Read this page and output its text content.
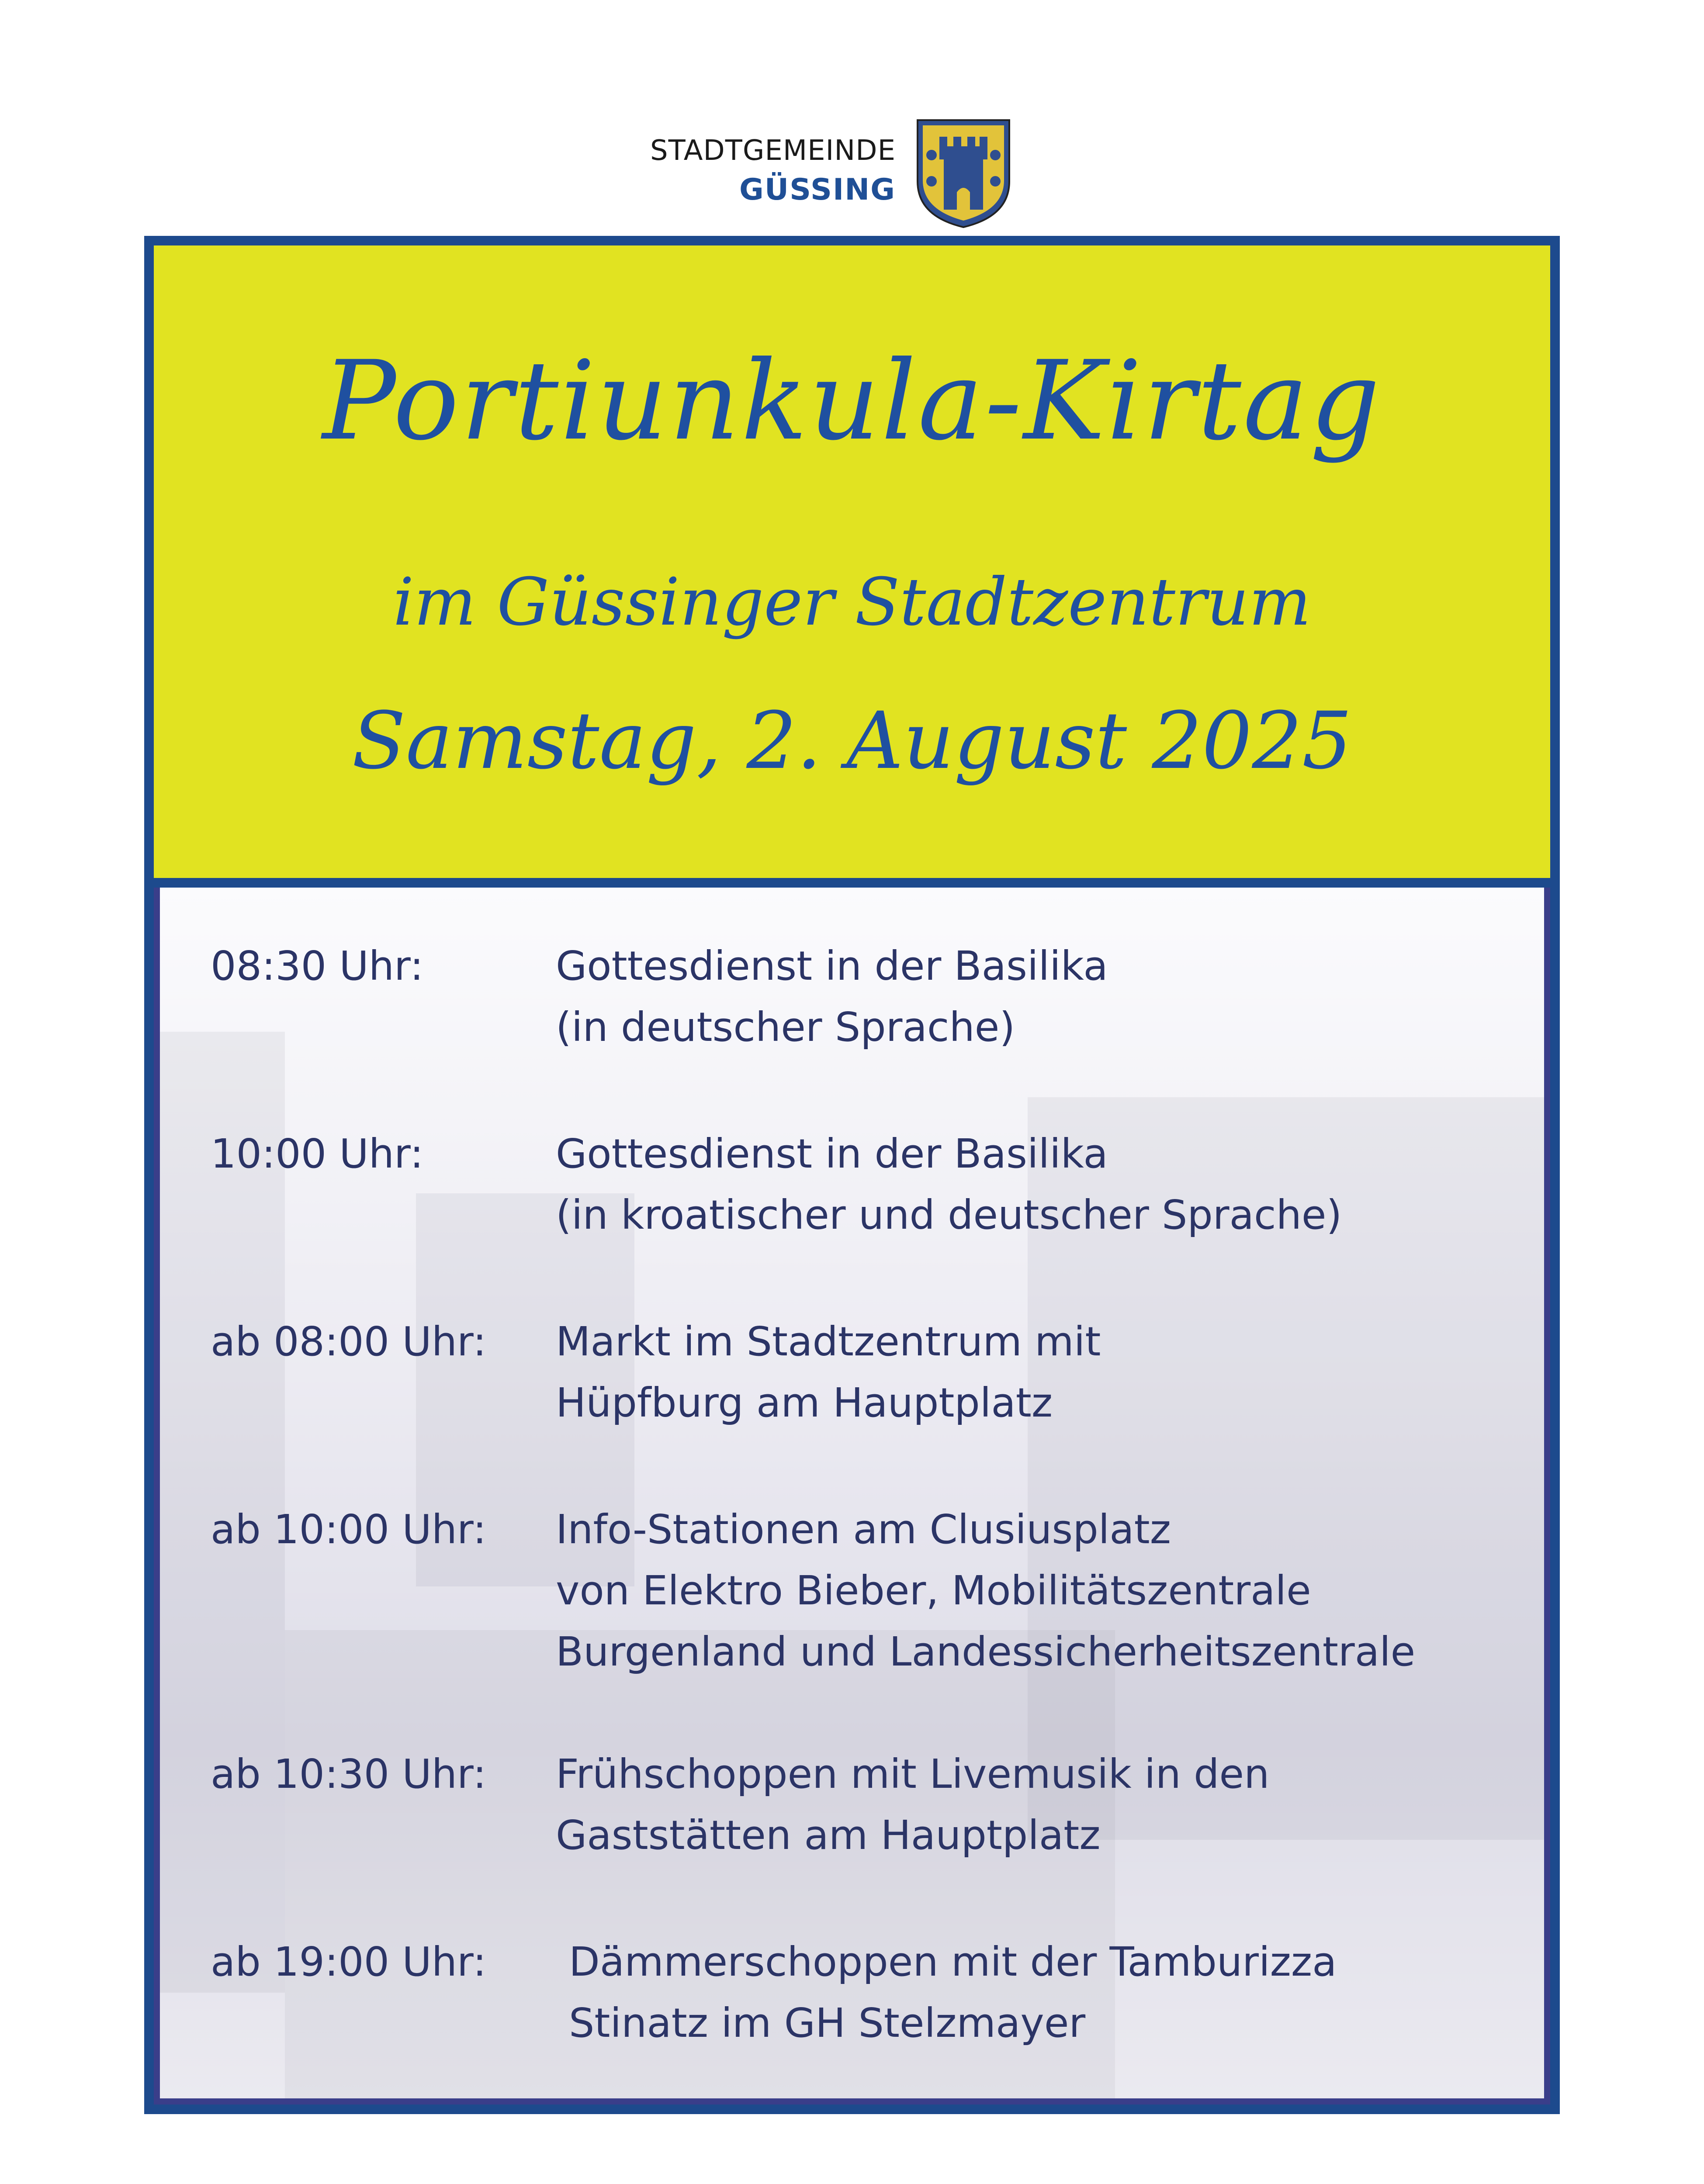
STADTGEMEINDE
GÜSSING
Portiunkula-Kirtag
im Güssinger Stadtzentrum
Samstag, 2. August 2025
08:30 Uhr:	Gottesdienst in der Basilika
(in deutscher Sprache)
10:00 Uhr:	Gottesdienst in der Basilika
(in kroatischer und deutscher Sprache)
ab 08:00 Uhr:	Markt im Stadtzentrum mit
Hüpfburg am Hauptplatz
ab 10:00 Uhr:	Info-Stationen am Clusiusplatz
von Elektro Bieber, Mobilitätszentrale
Burgenland und Landessicherheitszentrale
ab 10:30 Uhr:	Frühschoppen mit Livemusik in den
Gaststätten am Hauptplatz
ab 19:00 Uhr:	Dämmerschoppen mit der Tamburizza
Stinatz im GH Stelzmayer
